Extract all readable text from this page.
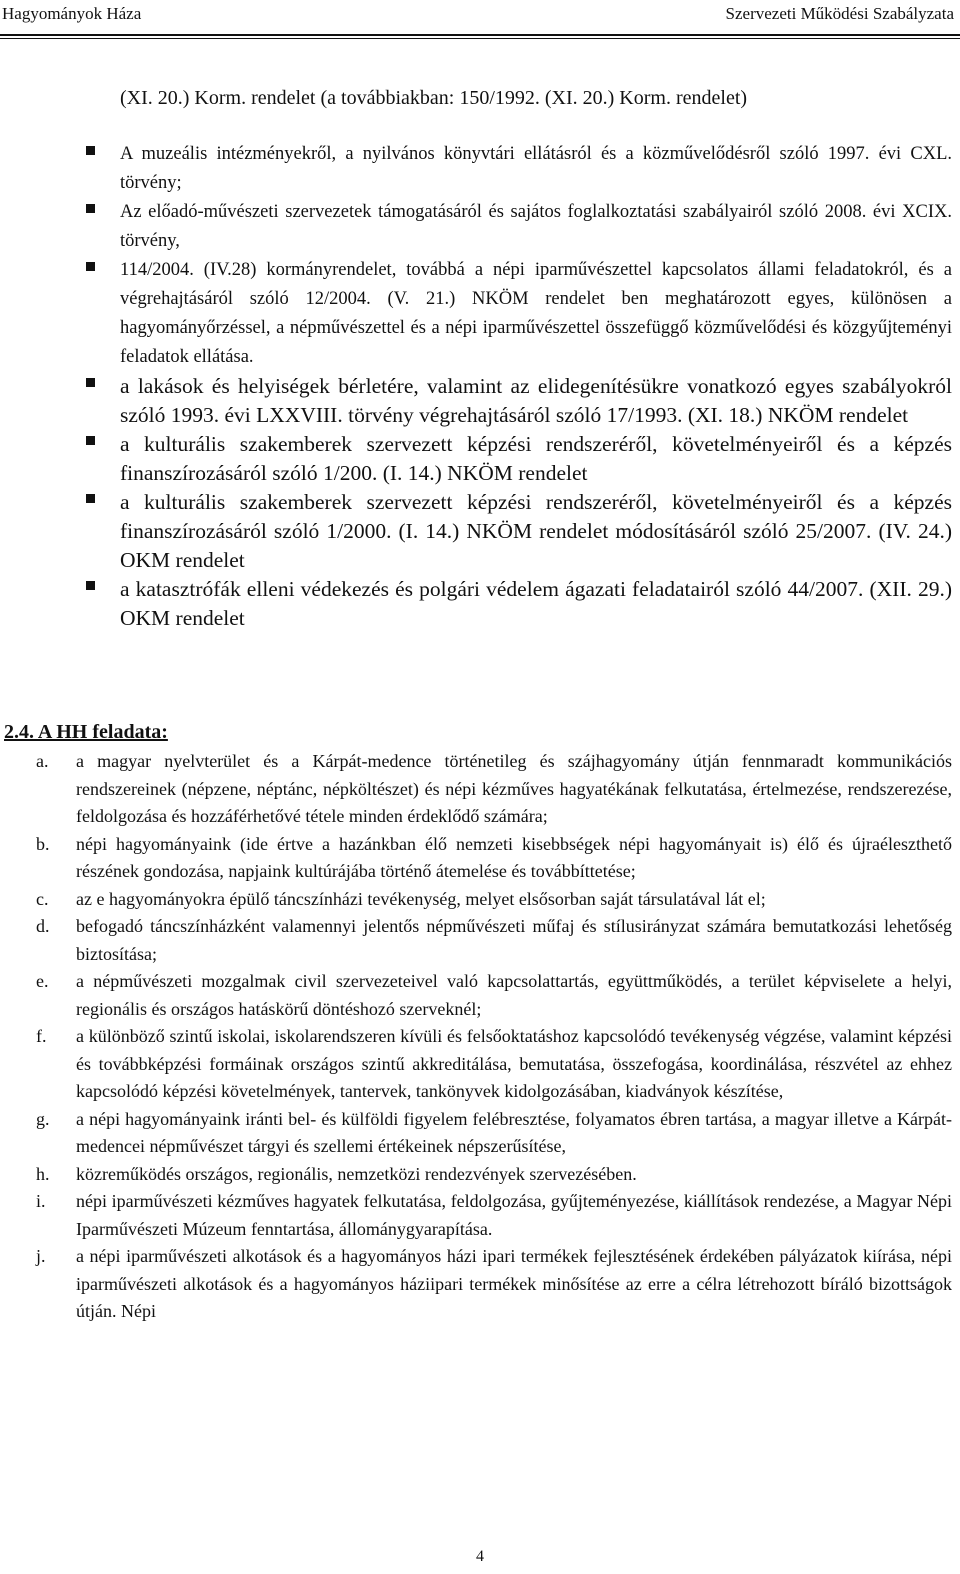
Hagyományok Háza	Szervezeti Működési Szabályzata
(XI. 20.) Korm. rendelet (a továbbiakban: 150/1992. (XI. 20.) Korm. rendelet)
A muzeális intézményekről, a nyilvános könyvtári ellátásról és a közművelődésről szóló 1997. évi CXL. törvény;
Az előadó-művészeti szervezetek támogatásáról és sajátos foglalkoztatási szabályairól szóló 2008. évi XCIX. törvény,
114/2004. (IV.28) kormányrendelet, továbbá a népi iparművészettel kapcsolatos állami feladatokról, és a végrehajtásáról szóló 12/2004. (V. 21.) NKÖM rendelet ben meghatározott egyes, különösen a hagyományőrzéssel, a népművészettel és a népi iparművészettel összefüggő közművelődési és közgyűjteményi feladatok ellátása.
a lakások és helyiségek bérletére, valamint az elidegenítésükre vonatkozó egyes szabályokról szóló 1993. évi LXXVIII. törvény végrehajtásáról szóló 17/1993. (XI. 18.) NKÖM rendelet
a kulturális szakemberek szervezett képzési rendszeréről, követelményeiről és a képzés finanszírozásáról szóló 1/200. (I. 14.) NKÖM rendelet
a kulturális szakemberek szervezett képzési rendszeréről, követelményeiről és a képzés finanszírozásáról szóló 1/2000. (I. 14.) NKÖM rendelet módosításáról szóló 25/2007. (IV. 24.) OKM rendelet
a katasztrófák elleni védekezés és polgári védelem ágazati feladatairól szóló 44/2007. (XII. 29.) OKM rendelet
2.4. A HH feladata:
a. a magyar nyelvterület és a Kárpát-medence történetileg és szájhagyomány útján fennmaradt kommunikációs rendszereinek (népzene, néptánc, népköltészet) és népi kézműves hagyatékának felkutatása, értelmezése, rendszerezése, feldolgozása és hozzáférhetővé tétele minden érdeklődő számára;
b. népi hagyományaink (ide értve a hazánkban élő nemzeti kisebbségek népi hagyományait is) élő és újraéleszthető részének gondozása, napjaink kultúrájába történő átemelése és továbbíttetése;
c. az e hagyományokra épülő táncszínházi tevékenység, melyet elsősorban saját társulatával lát el;
d. befogadó táncszínházként valamennyi jelentős népművészeti műfaj és stílusirányzat számára bemutatkozási lehetőség biztosítása;
e. a népművészeti mozgalmak civil szervezeteivel való kapcsolattartás, együttműködés, a terület képviselete a helyi, regionális és országos hatáskörű döntéshozó szerveknél;
f. a különböző szintű iskolai, iskolarendszeren kívüli és felsőoktatáshoz kapcsolódó tevékenység végzése, valamint képzési és továbbképzési formáinak országos szintű akkreditálása, bemutatása, összefogása, koordinálása, részvétel az ehhez kapcsolódó képzési követelmények, tantervek, tankönyvek kidolgozásában, kiadványok készítése,
g. a népi hagyományaink iránti bel- és külföldi figyelem felébresztése, folyamatos ébren tartása, a magyar illetve a Kárpát-medencei népművészet tárgyi és szellemi értékeinek népszerűsítése,
h. közreműködés országos, regionális, nemzetközi rendezvények szervezésében.
i. népi iparművészeti kézműves hagyatek felkutatása, feldolgozása, gyűjteményezése, kiállítások rendezése, a Magyar Népi Iparművészeti Múzeum fenntartása, állománygyarapítása.
j. a népi iparművészeti alkotások és a hagyományos házi ipari termékek fejlesztésének érdekében pályázatok kiírása, népi iparművészeti alkotások és a hagyományos háziipari termékek minősítése az erre a célra létrehozott bíráló bizottságok útján. Népi
4
